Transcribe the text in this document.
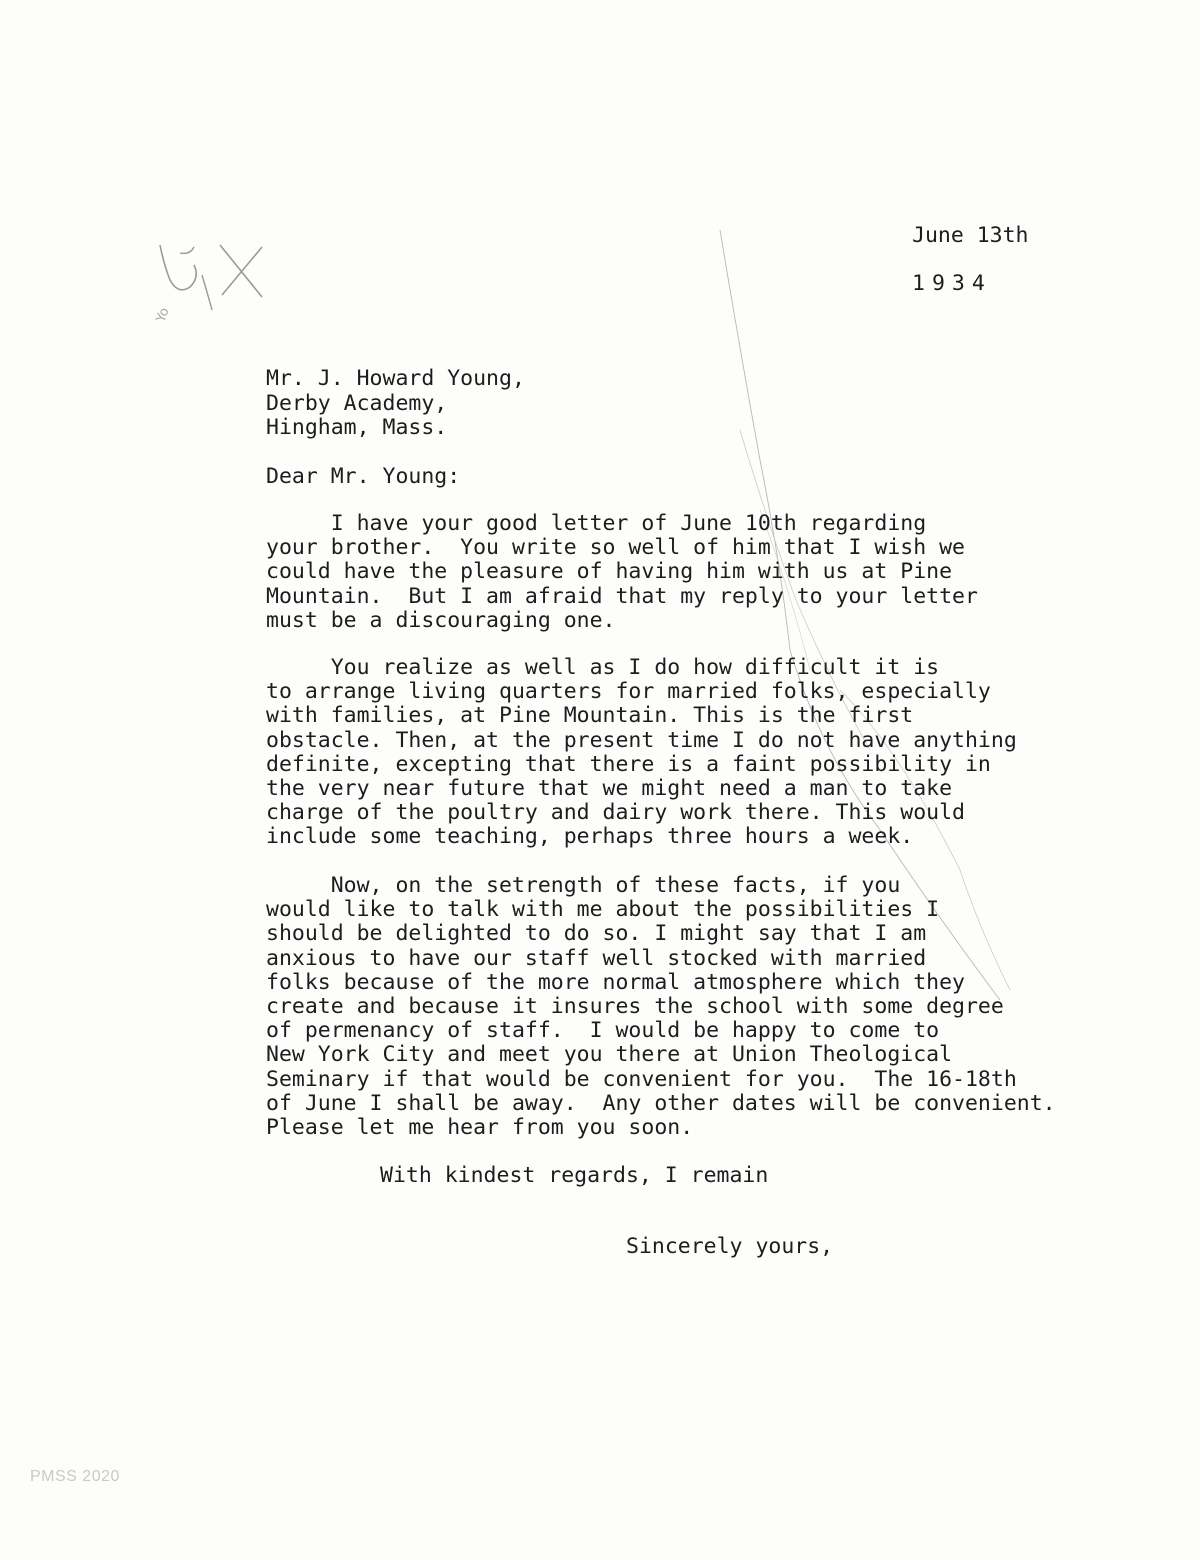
Yo

June 13th

1934

Mr. J. Howard Young,

Derby Academy,

Hingham, Mass.

Dear Mr. Young:

I have your good letter of June 10th regarding
your brother.  You write so well of him that I wish we
could have the pleasure of having him with us at Pine
Mountain.  But I am afraid that my reply to your letter
must be a discouraging one.
You realize as well as I do how difficult it is
to arrange living quarters for married folks, especially
with families, at Pine Mountain. This is the first
obstacle. Then, at the present time I do not have anything
definite, excepting that there is a faint possibility in
the very near future that we might need a man to take
charge of the poultry and dairy work there. This would
include some teaching, perhaps three hours a week.
Now, on the setrength of these facts, if you
would like to talk with me about the possibilities I
should be delighted to do so. I might say that I am
anxious to have our staff well stocked with married
folks because of the more normal atmosphere which they
create and because it insures the school with some degree
of permenancy of staff.  I would be happy to come to
New York City and meet you there at Union Theological
Seminary if that would be convenient for you.  The 16-18th
of June I shall be away.  Any other dates will be convenient.
Please let me hear from you soon.

With kindest regards, I remain

Sincerely yours,

PMSS 2020
